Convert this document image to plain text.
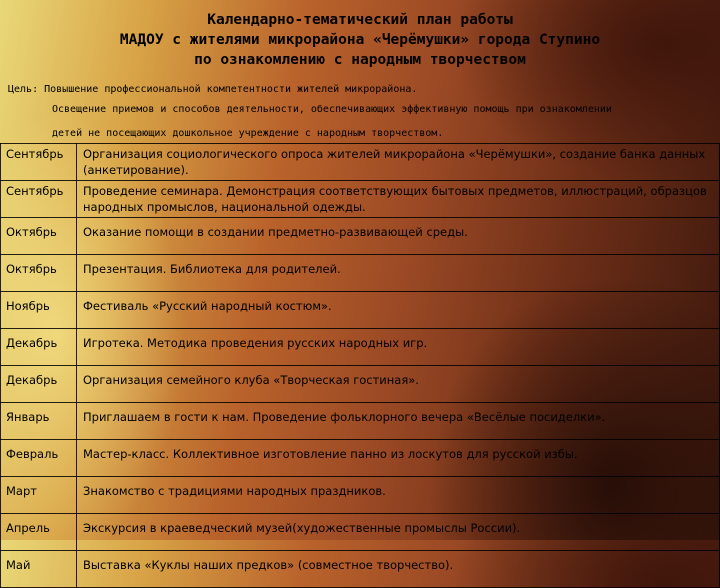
Календарно-тематический план работы
МАДОУ с жителями микрорайона «Черёмушки» города Ступино
по ознакомлению с народным творчеством
Цель: Повышение профессиональной компетентности жителей микрорайона.
Освещение приемов и способов деятельности, обеспечивающих эффективную помощь при ознакомлении
детей не посещающих дошкольное учреждение с народным творчеством.
Сентябрь	Организация социологического опроса жителей микрорайона «Черёмушки», создание банка данных (анкетирование).
Сентябрь	Проведение семинара. Демонстрация соответствующих бытовых предметов, иллюстраций, образцов народных промыслов, национальной одежды.
Октябрь	Оказание помощи в создании предметно-развивающей среды.
Октябрь	Презентация. Библиотека для родителей.
Ноябрь	Фестиваль «Русский народный костюм».
Декабрь	Игротека. Методика проведения русских народных игр.
Декабрь	Организация семейного клуба «Творческая гостиная».
Январь	Приглашаем в гости к нам. Проведение фольклорного вечера «Весёлые посиделки».
Февраль	Мастер-класс. Коллективное изготовление панно из лоскутов для русской избы.
Март	Знакомство с традициями народных праздников.
Апрель	Экскурсия в краеведческий музей(художественные промыслы России).
Май	Выставка «Куклы наших предков» (совместное творчество).
